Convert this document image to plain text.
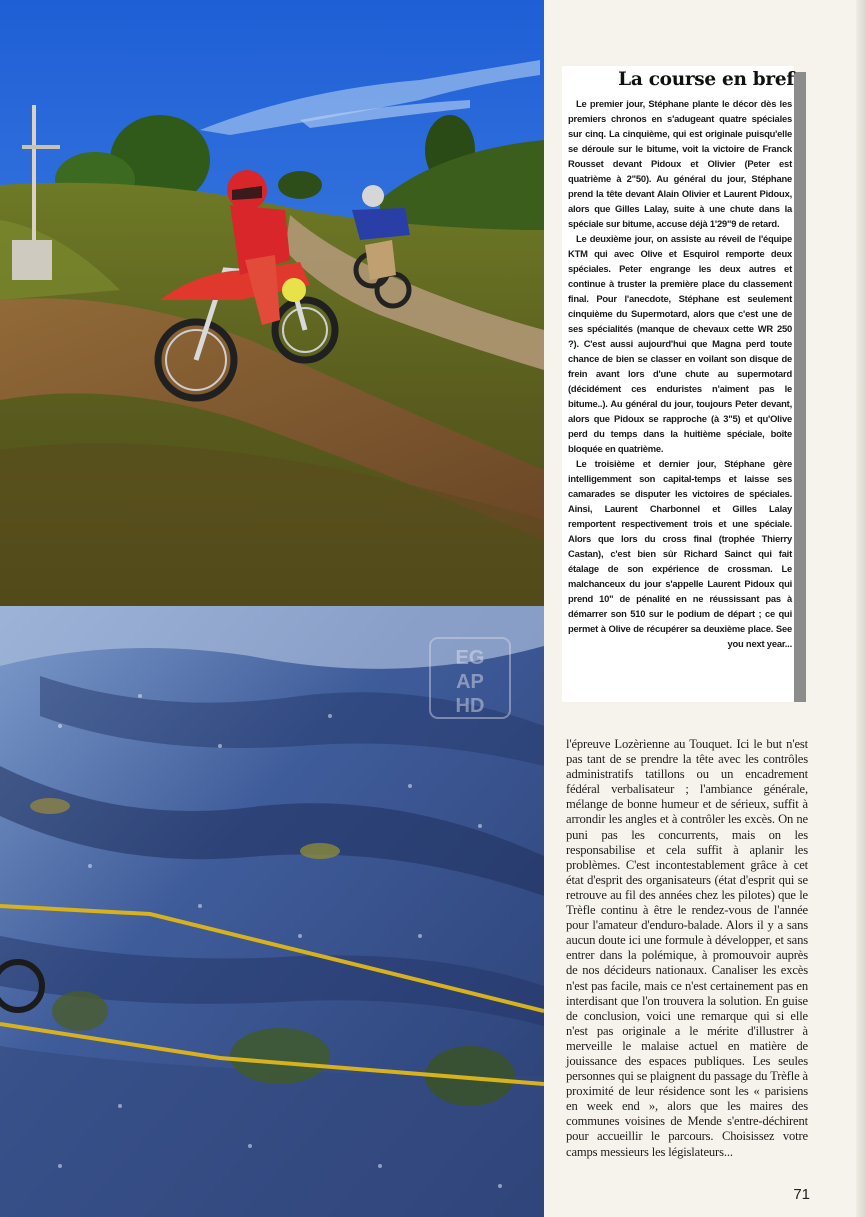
EG
AP
HD
La course en bref

Le premier jour, Stéphane plante le décor dès les premiers chronos en s'adugeant quatre spéciales sur cinq. La cinquième, qui est originale puisqu'elle se déroule sur le bitume, voit la victoire de Franck Rousset devant Pidoux et Olivier (Peter est quatrième à 2"50). Au général du jour, Stéphane prend la tête devant Alain Olivier et Laurent Pidoux, alors que Gilles Lalay, suite à une chute dans la spéciale sur bitume, accuse déjà 1'29"9 de retard.

Le deuxième jour, on assiste au réveil de l'équipe KTM qui avec Olive et Esquirol remporte deux spéciales. Peter engrange les deux autres et continue à truster la première place du classement final. Pour l'anecdote, Stéphane est seulement cinquième du Supermotard, alors que c'est une de ses spécialités (manque de chevaux cette WR 250 ?). C'est aussi aujourd'hui que Magna perd toute chance de bien se classer en voilant son disque de frein avant lors d'une chute au supermotard (décidément ces enduristes n'aiment pas le bitume..). Au général du jour, toujours Peter devant, alors que Pidoux se rapproche (à 3"5) et qu'Olive perd du temps dans la huitième spéciale, boîte bloquée en quatrième.

Le troisième et dernier jour, Stéphane gère intelligemment son capital-temps et laisse ses camarades se disputer les victoires de spéciales. Ainsi, Laurent Charbonnel et Gilles Lalay remportent respectivement trois et une spéciale. Alors que lors du cross final (trophée Thierry Castan), c'est bien sûr Richard Sainct qui fait étalage de son expérience de crossman. Le malchanceux du jour s'appelle Laurent Pidoux qui prend 10" de pénalité en ne réussissant pas à démarrer son 510 sur le podium de départ ; ce qui permet à Olive de récupérer sa deuxième place. See you next year...

l'épreuve Lozèrienne au Touquet. Ici le but n'est pas tant de se prendre la tête avec les contrôles administratifs tatillons ou un encadrement fédéral verbalisateur ; l'ambiance générale, mélange de bonne humeur et de sérieux, suffit à arrondir les angles et à contrôler les excès. On ne puni pas les concurrents, mais on les responsabilise et cela suffit à aplanir les problèmes. C'est incontestablement grâce à cet état d'esprit des organisateurs (état d'esprit qui se retrouve au fil des années chez les pilotes) que le Trèfle continu à être le rendez-vous de l'année pour l'amateur d'enduro-balade. Alors il y a sans aucun doute ici une formule à développer, et sans entrer dans la polémique, à promouvoir auprès de nos décideurs nationaux. Canaliser les excès n'est pas facile, mais ce n'est certainement pas en interdisant que l'on trouvera la solution. En guise de conclusion, voici une remarque qui si elle n'est pas originale a le mérite d'illustrer à merveille le malaise actuel en matière de jouissance des espaces publiques. Les seules personnes qui se plaignent du passage du Trèfle à proximité de leur résidence sont les « parisiens en week end », alors que les maires des communes voisines de Mende s'entre-déchirent pour accueillir le parcours. Choisissez votre camps messieurs les législateurs...

71
